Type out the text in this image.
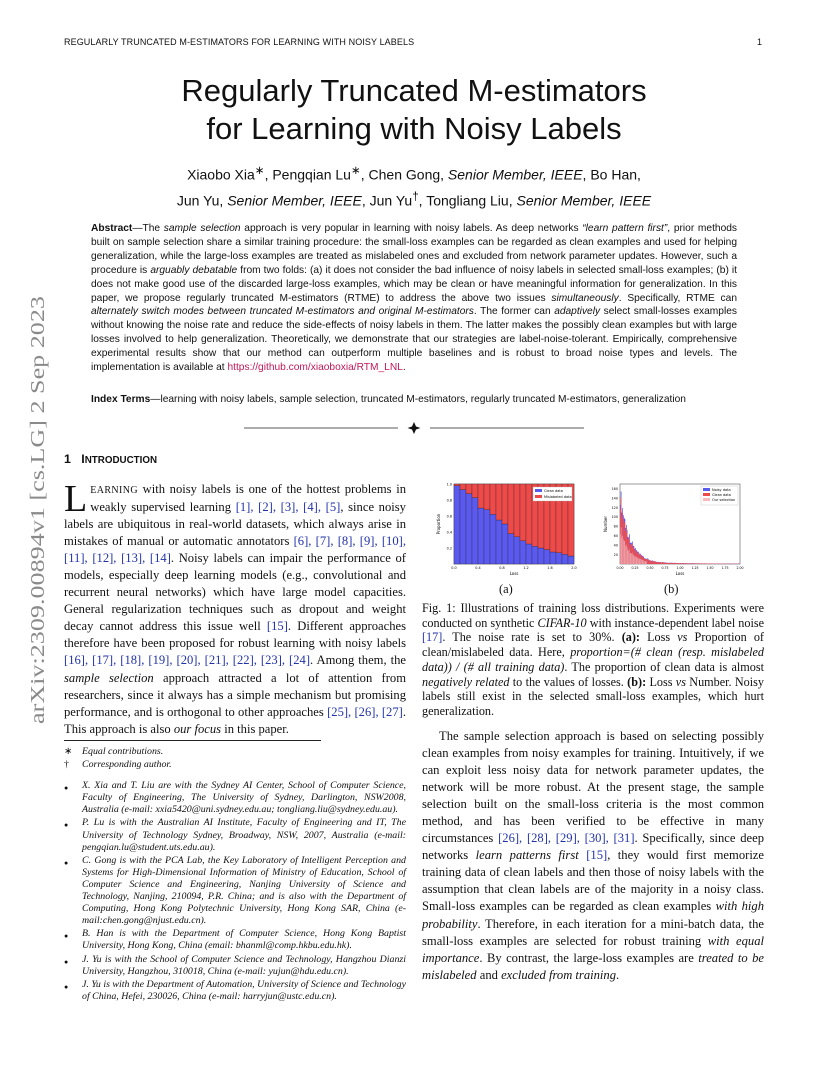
REGULARLY TRUNCATED M-ESTIMATORS FOR LEARNING WITH NOISY LABELS	1
Regularly Truncated M-estimators
for Learning with Noisy Labels
Xiaobo Xia∗, Pengqian Lu∗, Chen Gong, Senior Member, IEEE, Bo Han,
Jun Yu, Senior Member, IEEE, Jun Yu†, Tongliang Liu, Senior Member, IEEE
arXiv:2309.00894v1 [cs.LG] 2 Sep 2023
Abstract—The sample selection approach is very popular in learning with noisy labels. As deep networks “learn pattern first”, prior methods built on sample selection share a similar training procedure: the small-loss examples can be regarded as clean examples and used for helping generalization, while the large-loss examples are treated as mislabeled ones and excluded from network parameter updates. However, such a procedure is arguably debatable from two folds: (a) it does not consider the bad influence of noisy labels in selected small-loss examples; (b) it does not make good use of the discarded large-loss examples, which may be clean or have meaningful information for generalization. In this paper, we propose regularly truncated M-estimators (RTME) to address the above two issues simultaneously. Specifically, RTME can alternately switch modes between truncated M-estimators and original M-estimators. The former can adaptively select small-losses examples without knowing the noise rate and reduce the side-effects of noisy labels in them. The latter makes the possibly clean examples but with large losses involved to help generalization. Theoretically, we demonstrate that our strategies are label-noise-tolerant. Empirically, comprehensive experimental results show that our method can outperform multiple baselines and is robust to broad noise types and levels. The implementation is available at https://github.com/xiaoboxia/RTM_LNL.
Index Terms—learning with noisy labels, sample selection, truncated M-estimators, regularly truncated M-estimators, generalization
1 INTRODUCTION
LEARNING with noisy labels is one of the hottest problems in weakly supervised learning [1], [2], [3], [4], [5], since noisy labels are ubiquitous in real-world datasets, which always arise in mistakes of manual or automatic annotators [6], [7], [8], [9], [10], [11], [12], [13], [14]. Noisy labels can impair the performance of models, especially deep learning models (e.g., convolutional and recurrent neural networks) which have large model capacities. General regularization techniques such as dropout and weight decay cannot address this issue well [15]. Different approaches therefore have been proposed for robust learning with noisy labels [16], [17], [18], [19], [20], [21], [22], [23], [24]. Among them, the sample selection approach attracted a lot of attention from researchers, since it always has a simple mechanism but promising performance, and is orthogonal to other approaches [25], [26], [27]. This approach is also our focus in this paper.
∗ Equal contributions.
† Corresponding author.
● X. Xia and T. Liu are with the Sydney AI Center, School of Computer Science, Faculty of Engineering, The University of Sydney, Darlington, NSW2008, Australia (e-mail: xxia5420@uni.sydney.edu.au; tongliang.liu@sydney.edu.au).
● P. Lu is with the Australian AI Institute, Faculty of Engineering and IT, The University of Technology Sydney, Broadway, NSW, 2007, Australia (e-mail: pengqian.lu@student.uts.edu.au).
● C. Gong is with the PCA Lab, the Key Laboratory of Intelligent Perception and Systems for High-Dimensional Information of Ministry of Education, School of Computer Science and Engineering, Nanjing University of Science and Technology, Nanjing, 210094, P.R. China; and is also with the Department of Computing, Hong Kong Polytechnic University, Hong Kong SAR, China (e-mail:chen.gong@njust.edu.cn).
● B. Han is with the Department of Computer Science, Hong Kong Baptist University, Hong Kong, China (email: bhanml@comp.hkbu.edu.hk).
● J. Yu is with the School of Computer Science and Technology, Hangzhou Dianzi University, Hangzhou, 310018, China (e-mail: yujun@hdu.edu.cn).
● J. Yu is with the Department of Automation, University of Science and Technology of China, Hefei, 230026, China (e-mail: harryjun@ustc.edu.cn).
0.2
0.4
0.6
0.8
1.0
0.0	0.4	0.8	1.2	1.6	2.0
Proportion
Loss
Clean data
Mislabeled data
(a)
20
40
60
80
100
120
140
160
0.00 0.25 0.50 0.75 1.00 1.25 1.50 1.75 2.00
Number
Loss
Noisy data
Clean data
Our selection
(b)
Fig. 1: Illustrations of training loss distributions. Experiments were conducted on synthetic CIFAR-10 with instance-dependent label noise [17]. The noise rate is set to 30%. (a): Loss vs Proportion of clean/mislabeled data. Here, proportion=(# clean (resp. mislabeled data)) / (# all training data). The proportion of clean data is almost negatively related to the values of losses. (b): Loss vs Number. Noisy labels still exist in the selected small-loss examples, which hurt generalization.
The sample selection approach is based on selecting possibly clean examples from noisy examples for training. Intuitively, if we can exploit less noisy data for network parameter updates, the network will be more robust. At the present stage, the sample selection built on the small-loss criteria is the most common method, and has been verified to be effective in many circumstances [26], [28], [29], [30], [31]. Specifically, since deep networks learn patterns first [15], they would first memorize training data of clean labels and then those of noisy labels with the assumption that clean labels are of the majority in a noisy class. Small-loss examples can be regarded as clean examples with high probability. Therefore, in each iteration for a mini-batch data, the small-loss examples are selected for robust training with equal importance. By contrast, the large-loss examples are treated to be mislabeled and excluded from training.
